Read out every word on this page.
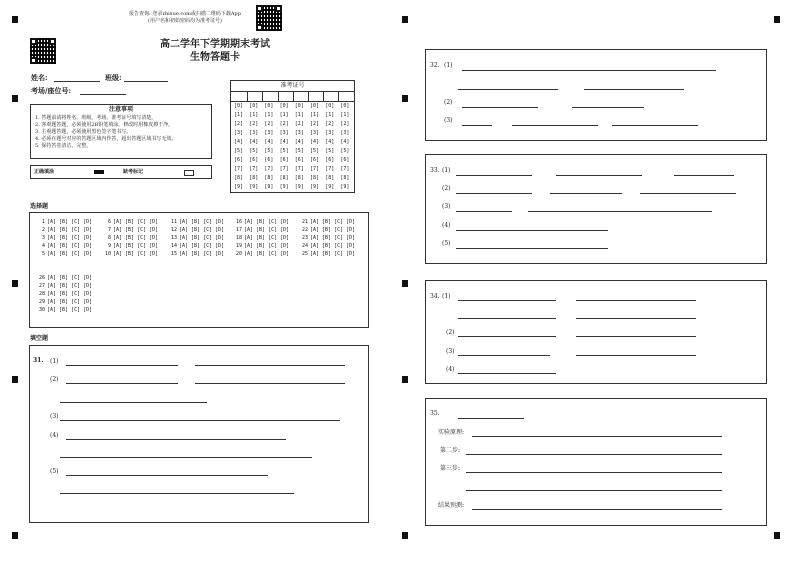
报告查询: 登录zhixue.com或扫描二维码下载App
(用户名和初始密码均为准考证号)
高二学年下学期期末考试
生物答题卡
姓名:	班级:
考场/座位号:
准考证号
[0]
[1]
[2]
[3]
[4]
[5]
[6]
[7]
[8]
[9]
[0]
[1]
[2]
[3]
[4]
[5]
[6]
[7]
[8]
[9]
[0]
[1]
[2]
[3]
[4]
[5]
[6]
[7]
[8]
[9]
[0]
[1]
[2]
[3]
[4]
[5]
[6]
[7]
[8]
[9]
[0]
[1]
[2]
[3]
[4]
[5]
[6]
[7]
[8]
[9]
[0]
[1]
[2]
[3]
[4]
[5]
[6]
[7]
[8]
[9]
[0]
[1]
[2]
[3]
[4]
[5]
[6]
[7]
[8]
[9]
[0]
[1]
[2]
[3]
[4]
[5]
[6]
[7]
[8]
[9]
注意事项
1. 答题前请将姓名、班级、考场、准考证号填写清楚。
2. 客观题答题，必须使用2B铅笔填涂，修改时用橡皮擦干净。
3. 主观题答题，必须使用黑色签字笔书写。
4. 必须在题号对应的答题区域内作答，超出答题区域书写无效。
5. 保持答卷清洁、完整。
正确填涂	缺考标记
选择题
1 [A] [B] [C] [D]
2 [A] [B] [C] [D]
3 [A] [B] [C] [D]
4 [A] [B] [C] [D]
5 [A] [B] [C] [D]
6 [A] [B] [C] [D]
7 [A] [B] [C] [D]
8 [A] [B] [C] [D]
9 [A] [B] [C] [D]
10 [A] [B] [C] [D]
11 [A] [B] [C] [D]
12 [A] [B] [C] [D]
13 [A] [B] [C] [D]
14 [A] [B] [C] [D]
15 [A] [B] [C] [D]
16 [A] [B] [C] [D]
17 [A] [B] [C] [D]
18 [A] [B] [C] [D]
19 [A] [B] [C] [D]
20 [A] [B] [C] [D]
21 [A] [B] [C] [D]
22 [A] [B] [C] [D]
23 [A] [B] [C] [D]
24 [A] [B] [C] [D]
25 [A] [B] [C] [D]
26 [A] [B] [C] [D]
27 [A] [B] [C] [D]
28 [A] [B] [C] [D]
29 [A] [B] [C] [D]
30 [A] [B] [C] [D]
填空题
31. (1)
(2)
(3)
(4)
(5)
32. (1)
(2)
(3)
33. (1)
(2)
(3)
(4)
(5)
34. (1)
(2)
(3)
(4)
35.
实验原理:
第二步:
第三步:
结果预测:
